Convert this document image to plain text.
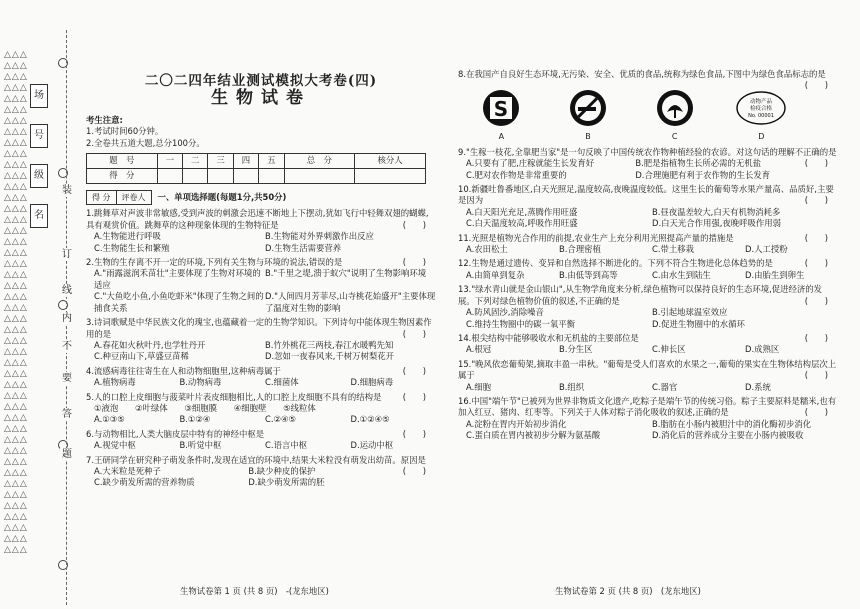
△△△
△△△
△△△
△△△
△△△
△△△
△△△
△△△
△△△
△△△
△△△
△△△
△△△
△△△
△△△
△△△
△△△
△△△
△△△
△△△
△△△
△△△
△△△
△△△
△△△
△△△
△△△
△△△
△△△
△△△
△△△
△△△
△△△
△△△
△△△
△△△
△△△
△△△
△△△
△△△
△△△
△△△
△△△
△△△
△△△
△△△
场
号
级
名
装
订
线
内
不
要
答
题
二〇二四年结业测试模拟大考卷(四)
生物试卷
考生注意:
1.考试时间60分钟。
2.全卷共五道大题,总分100分。
题　号	一	二	三	四	五	总　分	核分人
得　分							
得 分	评卷人	一、单项选择题(每题1分,共50分)
1.跳舞草对声波非常敏感,受到声波的刺激会迅速不断地上下摆动,犹如飞行中轻舞双翅的蝴蝶,具有观赏价值。跳舞草的这种现象体现的生物特征是	(　　)
A.生物能进行呼吸	B.生物能对外界刺激作出反应
C.生物能生长和繁殖	D.生物生活需要营养
2.生物的生存离不开一定的环境,下列有关生物与环境的说法,错误的是	(　　)
A."雨露滋润禾苗壮"主要体现了生物对环境的适应
B."千里之堤,溃于蚁穴"说明了生物影响环境
C."大鱼吃小鱼,小鱼吃虾米"体现了生物之间的捕食关系
D."人间四月芳菲尽,山寺桃花始盛开"主要体现了温度对生物的影响
3.诗词歌赋是中华民族文化的瑰宝,也蕴藏着一定的生物学知识。下列诗句中能体现生物因素作用的是	(　　)
A.春花如火秋叶丹,也学牡丹开	B.竹外桃花三两枝,春江水暖鸭先知
C.种豆南山下,草盛豆苗稀	D.忽如一夜春风来,千树万树梨花开
4.流感病毒往往寄生在人和动物细胞里,这种病毒属于	(　　)
A.植物病毒	B.动物病毒	C.细菌体	D.细胞病毒
5.人的口腔上皮细胞与菠菜叶片表皮细胞相比,人的口腔上皮细胞不具有的结构是	(　　)
①液泡　　②叶绿体　　③细胞膜　　④细胞壁　　⑤线粒体
A.①③⑤	B.①②④	C.②④⑤	D.①②④⑤
6.与动物相比,人类大脑皮层中特有的神经中枢是	(　　)
A.视觉中枢	B.听觉中枢	C.语言中枢	D.运动中枢
7.王研同学在研究种子萌发条件时,发现在适宜的环境中,结果大米粒没有萌发出幼苗。原因是
(　　)
A.大米粒是死种子	B.缺少种皮的保护
C.缺少萌发所需的营养物质	D.缺少萌发所需的胚
8.在我国产自良好生态环境,无污染、安全、优质的食品,统称为绿色食品,下图中为绿色食品标志的是
(　　)
S
A	B	C
动物产品
检疫合格
No. 00001
D
9."生稼一枝花,全靠肥当家"是一句反映了中国传统农作物种植经验的农谚。对这句话的理解不正确的是
(　　)
A.只要有了肥,庄稼就能生长发育好	B.肥是指植物生长所必需的无机盐
C.肥对农作物是非常重要的	D.合理施肥有利于农作物的生长发育
10.新疆吐鲁番地区,白天光照足,温度较高,夜晚温度较低。这里生长的葡萄等水果产量高、品质好,主要是因为	(　　)
A.白天阳光充足,蒸腾作用旺盛	B.昼夜温差较大,白天有机物消耗多
C.白天温度较高,呼吸作用旺盛	D.白天光合作用强,夜晚呼吸作用弱
11.光照是植物光合作用的前提,农业生产上充分利用光照提高产量的措施是	(　　)
A.农田松土	B.合理密植	C.带土移栽	D.人工授粉
12.生物是通过遗传、变异和自然选择不断进化的。下列不符合生物进化总体趋势的是	(　　)
A.由简单到复杂	B.由低等到高等	C.由水生到陆生	D.由胎生到卵生
13."绿水青山就是金山银山",从生物学角度来分析,绿色植物可以保持良好的生态环境,促进经济的发展。下列对绿色植物价值的叙述,不正确的是	(　　)
A.防风固沙,消除噪音	B.引起地球温室效应
C.维持生物圈中的碳一氧平衡	D.促进生物圈中的水循环
14.根尖结构中能够吸收水和无机盐的主要部位是	(　　)
A.根冠	B.分生区	C.伸长区	D.成熟区
15."晚风依恋葡萄架,摘取丰盈一串秋。"葡萄是受人们喜欢的水果之一,葡萄的果实在生物体结构层次上属于	(　　)
A.细胞	B.组织	C.器官	D.系统
16.中国"端午节"已被列为世界非物质文化遗产,吃粽子是端午节的传统习俗。粽子主要原料是糯米,也有加入红豆、猪肉、红枣等。下列关于人体对粽子消化吸收的叙述,正确的是	(　　)
A.淀粉在胃内开始初步消化	B.脂肪在小肠内被胆汁中的消化酶初步消化
C.蛋白质在胃内被初步分解为氨基酸	D.消化后的营养成分主要在小肠内被吸收
生物试卷第 1 页 (共 8 页)　-(龙东地区)	生物试卷第 2 页 (共 8 页)　(龙东地区)
